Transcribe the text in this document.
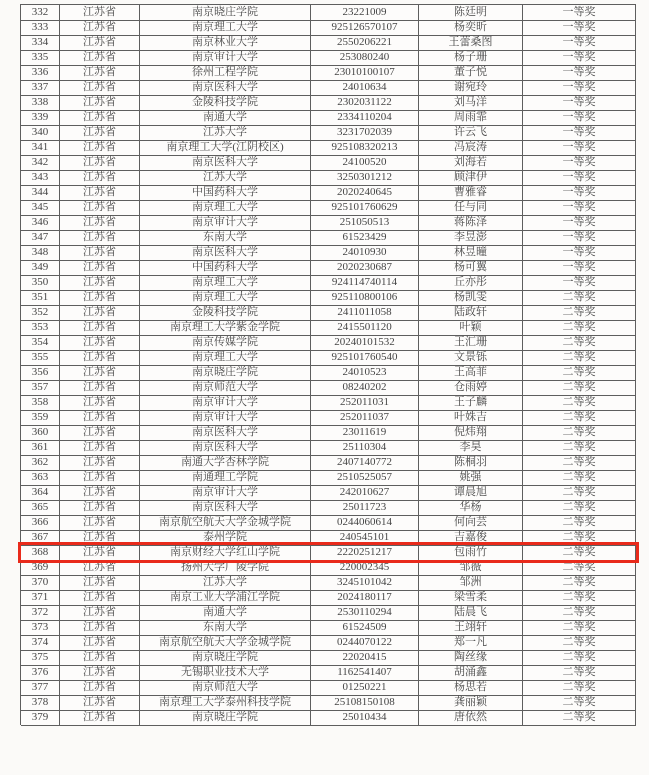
332	江苏省	南京晓庄学院	23221009	陈廷明	一等奖
333	江苏省	南京理工大学	925126570107	杨奕昕	一等奖
334	江苏省	南京林业大学	2550206221	王蕾桑图	一等奖
335	江苏省	南京审计大学	253080240	杨子珊	一等奖
336	江苏省	徐州工程学院	23010100107	董子悦	一等奖
337	江苏省	南京医科大学	24010634	谢宛玲	一等奖
338	江苏省	金陵科技学院	2302031122	刘马洋	一等奖
339	江苏省	南通大学	2334110204	周雨霏	一等奖
340	江苏省	江苏大学	3231702039	许云飞	一等奖
341	江苏省	南京理工大学(江阴校区)	925108320213	冯宸涛	一等奖
342	江苏省	南京医科大学	24100520	刘海若	一等奖
343	江苏省	江苏大学	3250301212	顾津伊	一等奖
344	江苏省	中国药科大学	2020240645	曹雅睿	一等奖
345	江苏省	南京理工大学	925101760629	任与同	一等奖
346	江苏省	南京审计大学	251050513	蒋陈泽	一等奖
347	江苏省	东南大学	61523429	李昱澎	一等奖
348	江苏省	南京医科大学	24010930	林昱曈	一等奖
349	江苏省	中国药科大学	2020230687	杨可翼	一等奖
350	江苏省	南京理工大学	924114740114	丘亦彤	一等奖
351	江苏省	南京理工大学	925110800106	杨凯雯	二等奖
352	江苏省	金陵科技学院	2411011058	陆政轩	二等奖
353	江苏省	南京理工大学紫金学院	2415501120	叶颖	二等奖
354	江苏省	南京传媒学院	20240101532	王汇珊	二等奖
355	江苏省	南京理工大学	925101760540	文景铄	二等奖
356	江苏省	南京晓庄学院	24010523	王高菲	二等奖
357	江苏省	南京师范大学	08240202	仓雨婷	二等奖
358	江苏省	南京审计大学	252011031	王子麟	二等奖
359	江苏省	南京审计大学	252011037	叶姝吉	二等奖
360	江苏省	南京医科大学	23011619	倪炜翔	二等奖
361	江苏省	南京医科大学	25110304	李昊	二等奖
362	江苏省	南通大学杏林学院	2407140772	陈桐羽	二等奖
363	江苏省	南通理工学院	2510525057	姚强	二等奖
364	江苏省	南京审计大学	242010627	谭晨旭	二等奖
365	江苏省	南京医科大学	25011723	华杨	二等奖
366	江苏省	南京航空航天大学金城学院	0244060614	何向芸	二等奖
367	江苏省	泰州学院	240545101	吉嘉俊	二等奖
368	江苏省	南京财经大学红山学院	2220251217	包雨竹	二等奖
369	江苏省	扬州大学广陵学院	220002345	邹薇	二等奖
370	江苏省	江苏大学	3245101042	邹洲	二等奖
371	江苏省	南京工业大学浦江学院	2024180117	梁雪柔	二等奖
372	江苏省	南通大学	2530110294	陆晨飞	二等奖
373	江苏省	东南大学	61524509	王翊轩	二等奖
374	江苏省	南京航空航天大学金城学院	0244070122	郑一凡	二等奖
375	江苏省	南京晓庄学院	22020415	陶丝缘	二等奖
376	江苏省	无锡职业技术大学	1162541407	胡涌鑫	二等奖
377	江苏省	南京师范大学	01250221	杨思若	二等奖
378	江苏省	南京理工大学泰州科技学院	25108150108	龚丽颖	二等奖
379	江苏省	南京晓庄学院	25010434	唐依然	二等奖
